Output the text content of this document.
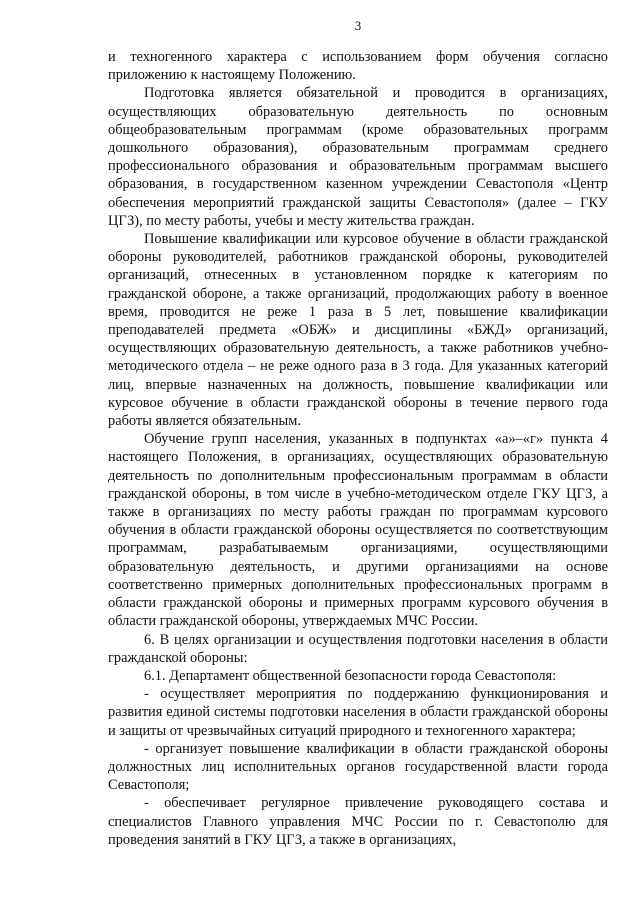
3

и техногенного характера с использованием форм обучения согласно приложению к настоящему Положению.

Подготовка является обязательной и проводится в организациях, осуществляющих образовательную деятельность по основным общеобразовательным программам (кроме образовательных программ дошкольного образования), образовательным программам среднего профессионального образования и образовательным программам высшего образования, в государственном казенном учреждении Севастополя «Центр обеспечения мероприятий гражданской защиты Севастополя» (далее – ГКУ ЦГЗ), по месту работы, учебы и месту жительства граждан.

Повышение квалификации или курсовое обучение в области гражданской обороны руководителей, работников гражданской обороны, руководителей организаций, отнесенных в установленном порядке к категориям по гражданской обороне, а также организаций, продолжающих работу в военное время, проводится не реже 1 раза в 5 лет, повышение квалификации преподавателей предмета «ОБЖ» и дисциплины «БЖД» организаций, осуществляющих образовательную деятельность, а также работников учебно-методического отдела – не реже одного раза в 3 года. Для указанных категорий лиц, впервые назначенных на должность, повышение квалификации или курсовое обучение в области гражданской обороны в течение первого года работы является обязательным.

Обучение групп населения, указанных в подпунктах «а»–«г» пункта 4 настоящего Положения, в организациях, осуществляющих образовательную деятельность по дополнительным профессиональным программам в области гражданской обороны, в том числе в учебно-методическом отделе ГКУ ЦГЗ, а также в организациях по месту работы граждан по программам курсового обучения в области гражданской обороны осуществляется по соответствующим программам, разрабатываемым организациями, осуществляющими образовательную деятельность, и другими организациями на основе соответственно примерных дополнительных профессиональных программ в области гражданской обороны и примерных программ курсового обучения в области гражданской обороны, утверждаемых МЧС России.

6. В целях организации и осуществления подготовки населения в области гражданской обороны:

6.1. Департамент общественной безопасности города Севастополя:

- осуществляет мероприятия по поддержанию функционирования и развития единой системы подготовки населения в области гражданской обороны и защиты от чрезвычайных ситуаций природного и техногенного характера;

- организует повышение квалификации в области гражданской обороны должностных лиц исполнительных органов государственной власти города Севастополя;

- обеспечивает регулярное привлечение руководящего состава и специалистов Главного управления МЧС России по г. Севастополю для проведения занятий в ГКУ ЦГЗ, а также в организациях,
